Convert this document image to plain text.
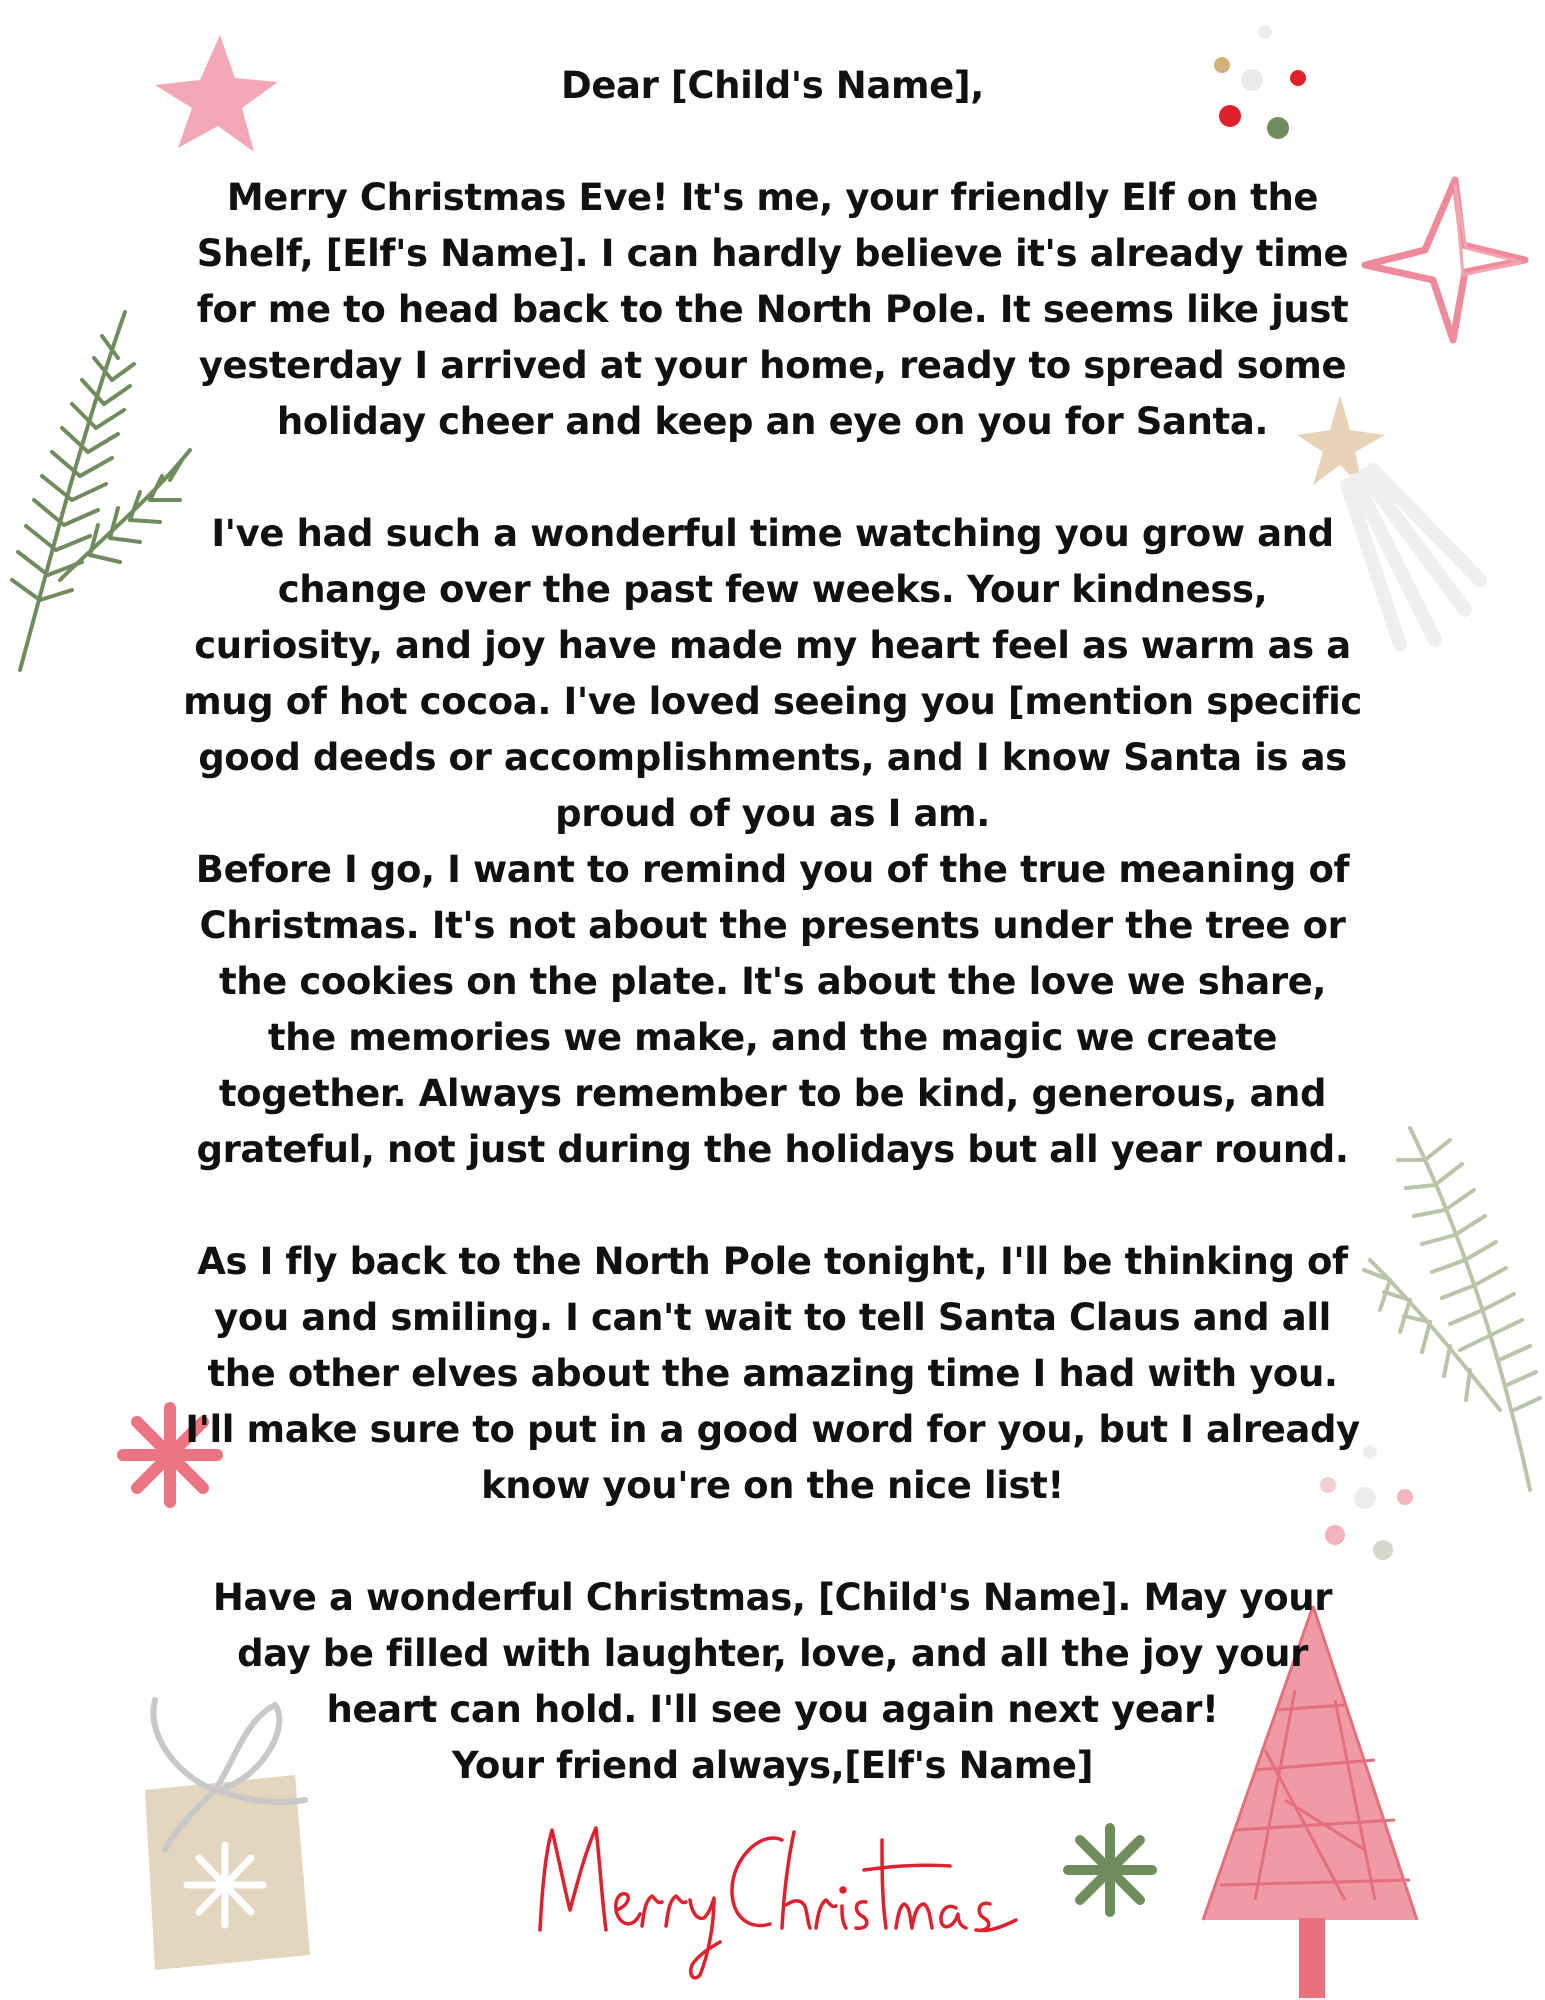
Dear [Child's Name],

Merry Christmas Eve! It's me, your friendly Elf on the Shelf, [Elf's Name]. I can hardly believe it's already time for me to head back to the North Pole. It seems like just yesterday I arrived at your home, ready to spread some holiday cheer and keep an eye on you for Santa.

I've had such a wonderful time watching you grow and change over the past few weeks. Your kindness, curiosity, and joy have made my heart feel as warm as a mug of hot cocoa. I've loved seeing you [mention specific good deeds or accomplishments, and I know Santa is as proud of you as I am.

Before I go, I want to remind you of the true meaning of Christmas. It's not about the presents under the tree or the cookies on the plate. It's about the love we share, the memories we make, and the magic we create together. Always remember to be kind, generous, and grateful, not just during the holidays but all year round.

As I fly back to the North Pole tonight, I'll be thinking of you and smiling. I can't wait to tell Santa Claus and all the other elves about the amazing time I had with you. I'll make sure to put in a good word for you, but I already know you're on the nice list!

Have a wonderful Christmas, [Child's Name]. May your day be filled with laughter, love, and all the joy your heart can hold. I'll see you again next year!

Your friend always,[Elf's Name]
